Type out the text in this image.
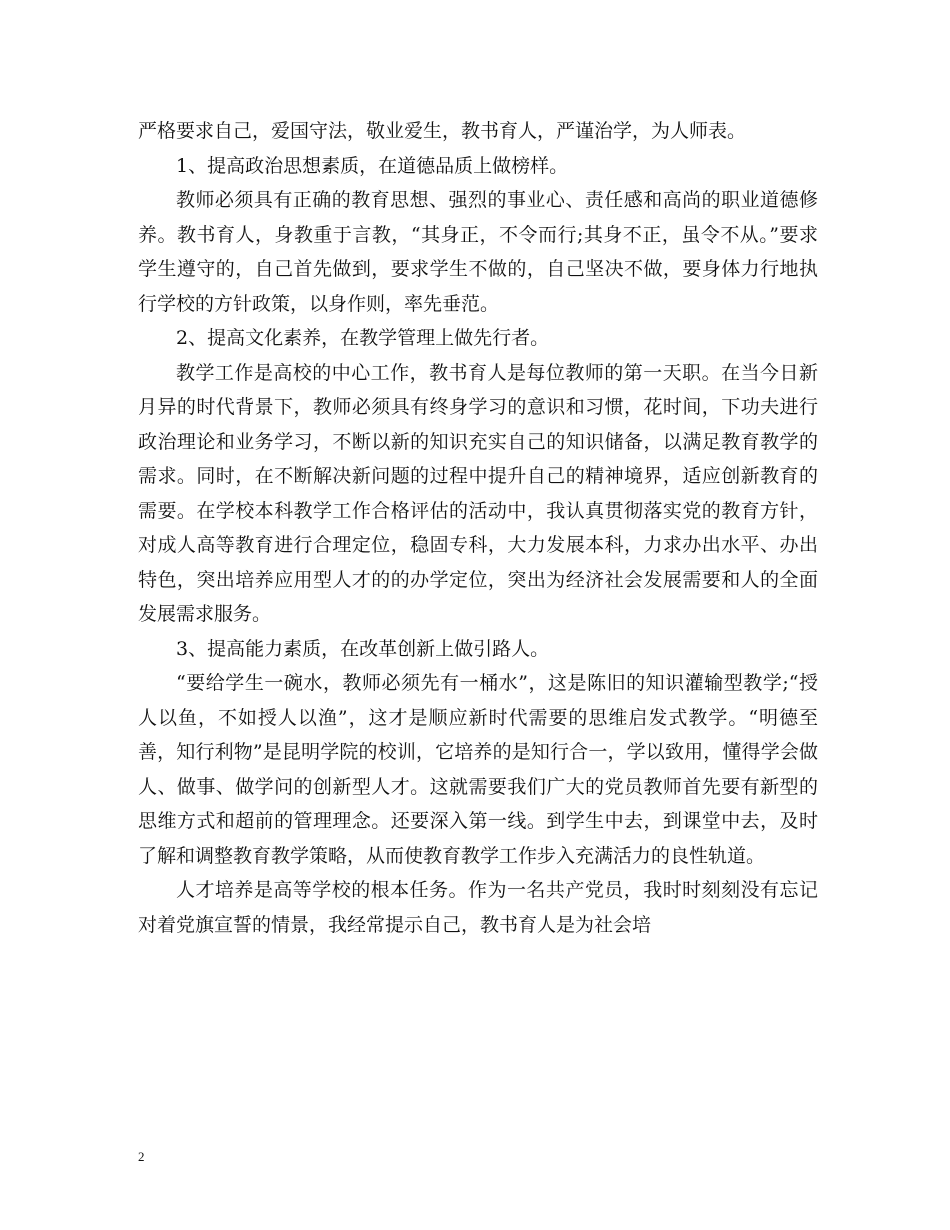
严格要求自己，爱国守法，敬业爱生，教书育人，严谨治学，为人师表。

1、提高政治思想素质，在道德品质上做榜样。

教师必须具有正确的教育思想、强烈的事业心、责任感和高尚的职业道德修养。教书育人，身教重于言教，“其身正，不令而行;其身不正，虽令不从。”要求学生遵守的，自己首先做到，要求学生不做的，自己坚决不做，要身体力行地执行学校的方针政策，以身作则，率先垂范。

2、提高文化素养，在教学管理上做先行者。

教学工作是高校的中心工作，教书育人是每位教师的第一天职。在当今日新月异的时代背景下，教师必须具有终身学习的意识和习惯，花时间，下功夫进行政治理论和业务学习，不断以新的知识充实自己的知识储备，以满足教育教学的需求。同时，在不断解决新问题的过程中提升自己的精神境界，适应创新教育的需要。在学校本科教学工作合格评估的活动中，我认真贯彻落实党的教育方针，对成人高等教育进行合理定位，稳固专科，大力发展本科，力求办出水平、办出特色，突出培养应用型人才的的办学定位，突出为经济社会发展需要和人的全面发展需求服务。

3、提高能力素质，在改革创新上做引路人。

“要给学生一碗水，教师必须先有一桶水”，这是陈旧的知识灌输型教学;“授人以鱼，不如授人以渔”，这才是顺应新时代需要的思维启发式教学。“明德至善，知行利物”是昆明学院的校训，它培养的是知行合一，学以致用，懂得学会做人、做事、做学问的创新型人才。这就需要我们广大的党员教师首先要有新型的思维方式和超前的管理理念。还要深入第一线。到学生中去，到课堂中去，及时了解和调整教育教学策略，从而使教育教学工作步入充满活力的良性轨道。

人才培养是高等学校的根本任务。作为一名共产党员，我时时刻刻没有忘记对着党旗宣誓的情景，我经常提示自己，教书育人是为社会培

2
